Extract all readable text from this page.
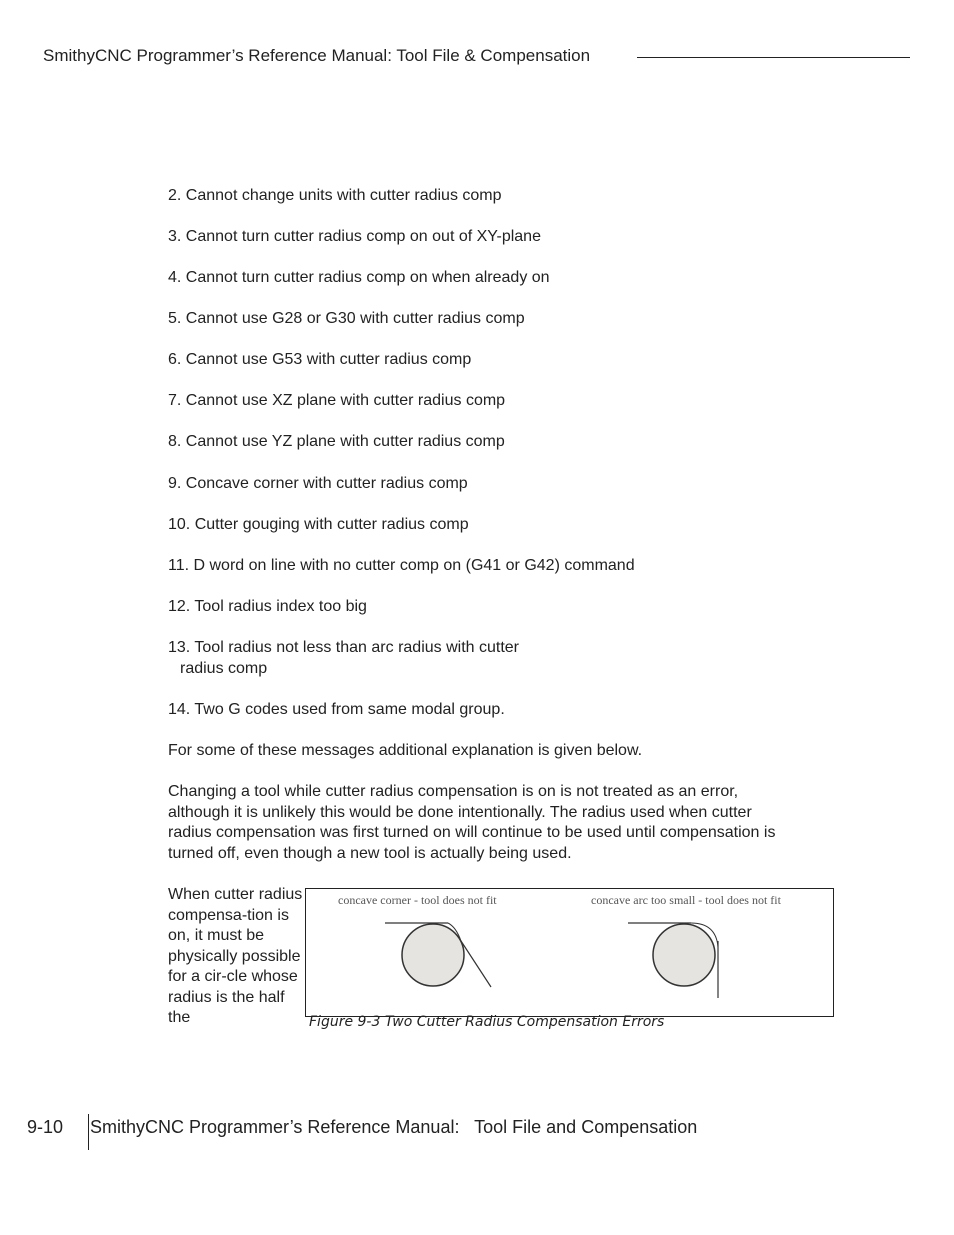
SmithyCNC Programmer’s Reference Manual: Tool File & Compensation
2. Cannot change units with cutter radius comp
3. Cannot turn cutter radius comp on out of XY-plane
4. Cannot turn cutter radius comp on when already on
5. Cannot use G28 or G30 with cutter radius comp
6. Cannot use G53 with cutter radius comp
7. Cannot use XZ plane with cutter radius comp
8. Cannot use YZ plane with cutter radius comp
9. Concave corner with cutter radius comp
10. Cutter gouging with cutter radius comp
11. D word on line with no cutter comp on (G41 or G42) command
12. Tool radius index too big
13. Tool radius not less than arc radius with cutter
radius comp
14. Two G codes used from same modal group.
For some of these messages additional explanation is given below.
Changing a tool while cutter radius compensation is on is not treated as an error, although it is unlikely this would be done intentionally. The radius used when cutter radius compensation was first turned on will continue to be used until compensation is turned off, even though a new tool is actually being used.
When cutter radius compensa-tion is on, it must be physically possible for a cir-cle whose radius is the half the
concave corner - tool does not fit	concave arc too small - tool does not fit
Figure 9-3 Two Cutter Radius Compensation Errors
9-10 SmithyCNC Programmer’s Reference Manual:   Tool File and Compensation
